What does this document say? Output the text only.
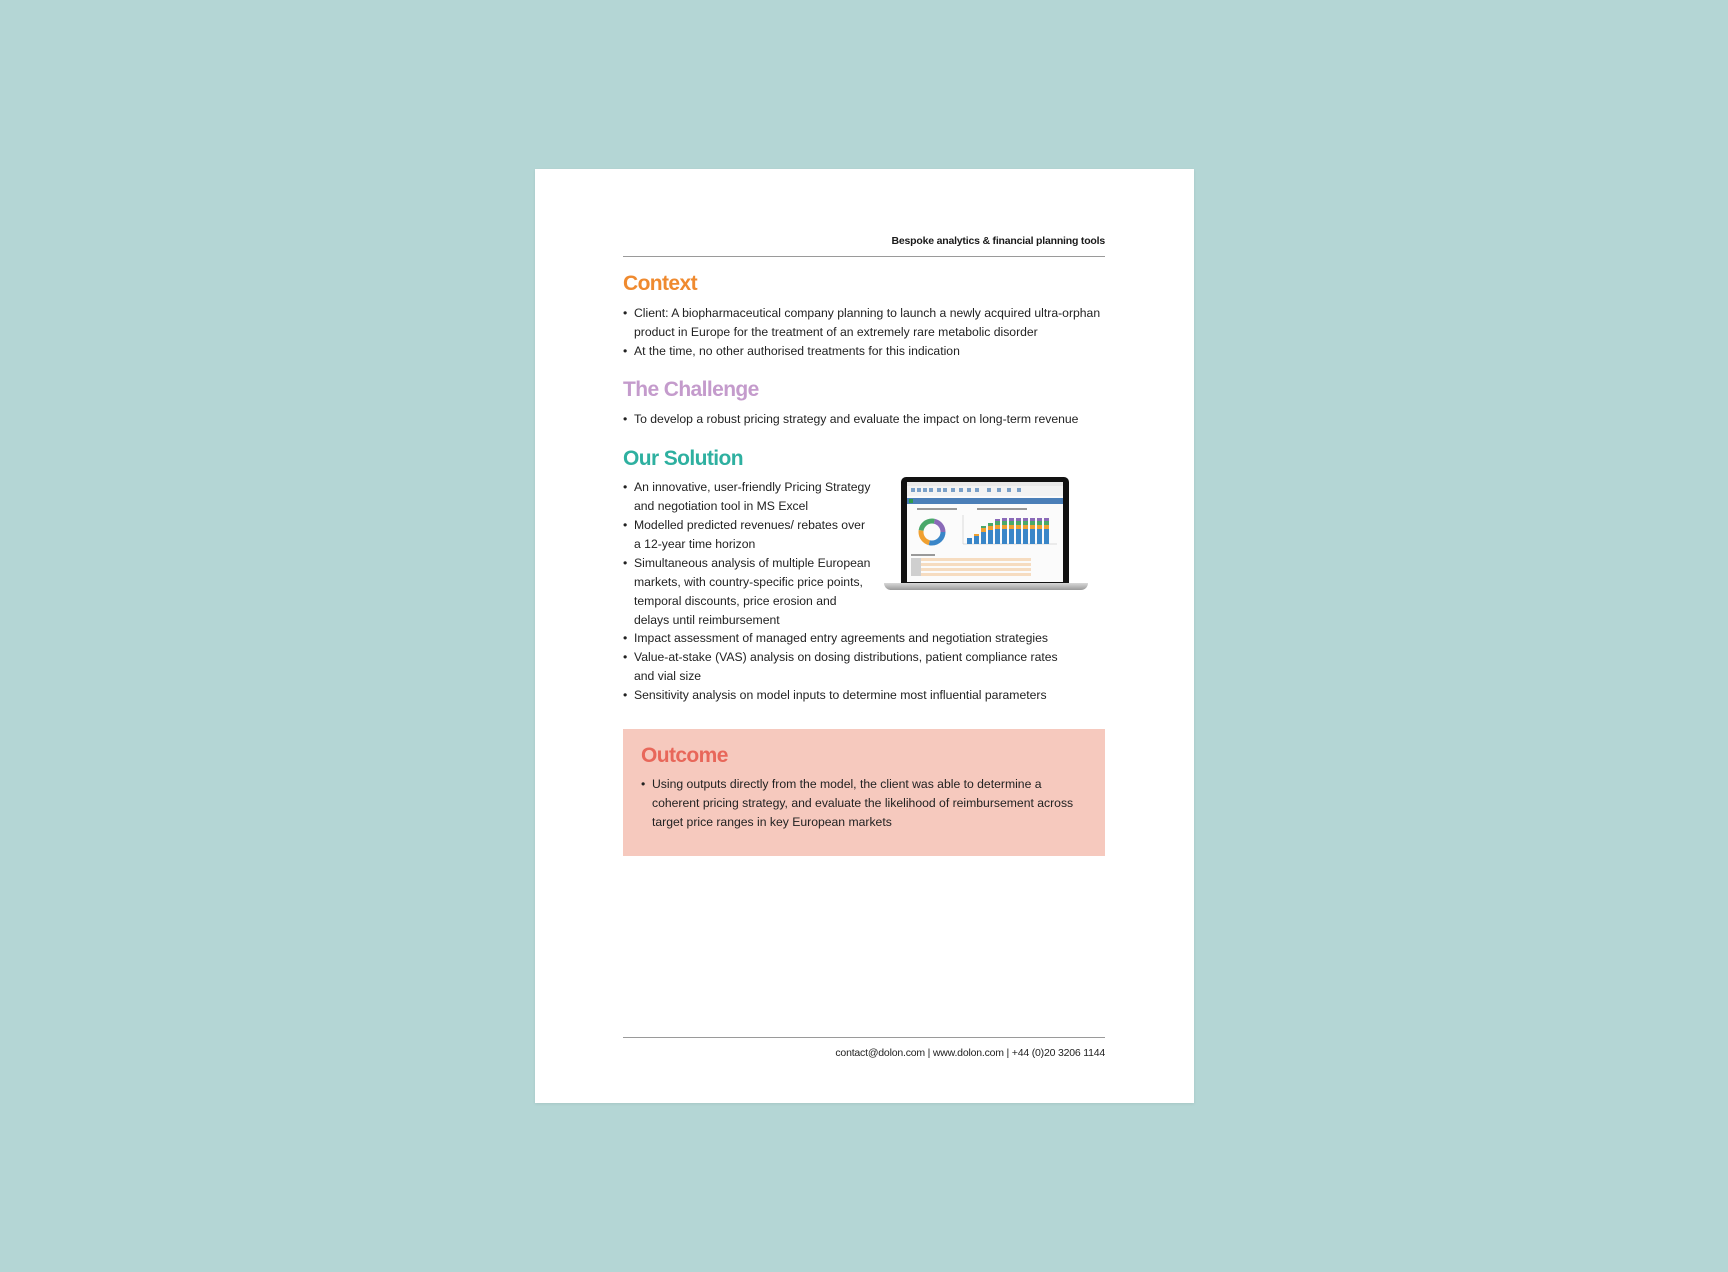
Bespoke analytics & financial planning tools
Context
• Client: A biopharmaceutical company planning to launch a newly acquired ultra-orphan product in Europe for the treatment of an extremely rare metabolic disorder
• At the time, no other authorised treatments for this indication
The Challenge
• To develop a robust pricing strategy and evaluate the impact on long-term revenue
Our Solution
• An innovative, user-friendly Pricing Strategy and negotiation tool in MS Excel
• Modelled predicted revenues/ rebates over a 12-year time horizon
• Simultaneous analysis of multiple European markets, with country-specific price points, temporal discounts, price erosion and delays until reimbursement
• Impact assessment of managed entry agreements and negotiation strategies
• Value-at-stake (VAS) analysis on dosing distributions, patient compliance rates and vial size
• Sensitivity analysis on model inputs to determine most influential parameters
Outcome
• Using outputs directly from the model, the client was able to determine a coherent pricing strategy, and evaluate the likelihood of reimbursement across target price ranges in key European markets
contact@dolon.com | www.dolon.com | +44 (0)20 3206 1144
